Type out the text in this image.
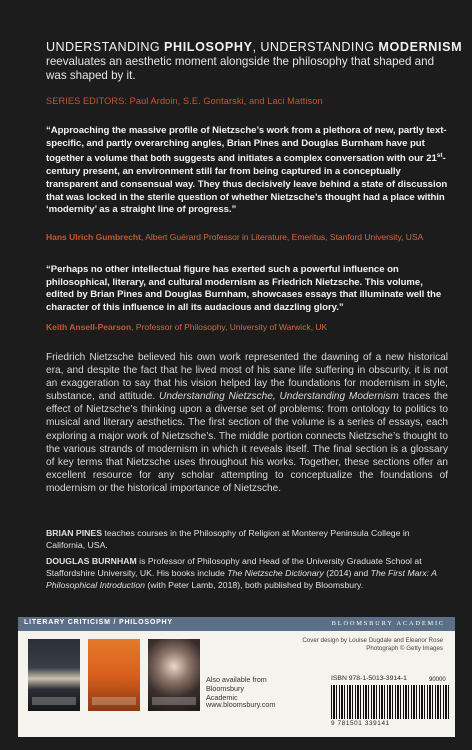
UNDERSTANDING PHILOSOPHY, UNDERSTANDING MODERNISM
reevaluates an aesthetic moment alongside the philosophy that shaped and was shaped by it.
SERIES EDITORS: Paul Ardoin, S.E. Gontarski, and Laci Mattison
“Approaching the massive profile of Nietzsche’s work from a plethora of new, partly text-specific, and partly overarching angles, Brian Pines and Douglas Burnham have put together a volume that both suggests and initiates a complex conversation with our 21st-century present, an environment still far from being captured in a conceptually transparent and consensual way. They thus decisively leave behind a state of discussion that was locked in the sterile question of whether Nietzsche’s thought had a place within ‘modernity’ as a straight line of progress.”
Hans Ulrich Gumbrecht, Albert Guérard Professor in Literature, Emeritus, Stanford University, USA
“Perhaps no other intellectual figure has exerted such a powerful influence on philosophical, literary, and cultural modernism as Friedrich Nietzsche. This volume, edited by Brian Pines and Douglas Burnham, showcases essays that illuminate well the character of this influence in all its audacious and dazzling glory.”
Keith Ansell-Pearson, Professor of Philosophy, University of Warwick, UK
Friedrich Nietzsche believed his own work represented the dawning of a new historical era, and despite the fact that he lived most of his sane life suffering in obscurity, it is not an exaggeration to say that his vision helped lay the foundations for modernism in style, substance, and attitude. Understanding Nietzsche, Understanding Modernism traces the effect of Nietzsche’s thinking upon a diverse set of problems: from ontology to politics to musical and literary aesthetics. The first section of the volume is a series of essays, each exploring a major work of Nietzsche’s. The middle portion connects Nietzsche’s thought to the various strands of modernism in which it reveals itself. The final section is a glossary of key terms that Nietzsche uses throughout his works. Together, these sections offer an excellent resource for any scholar attempting to conceptualize the foundations of modernism or the historical importance of Nietzsche.
BRIAN PINES teaches courses in the Philosophy of Religion at Monterey Peninsula College in California, USA.
DOUGLAS BURNHAM is Professor of Philosophy and Head of the University Graduate School at Staffordshire University, UK. His books include The Nietzsche Dictionary (2014) and The First Marx: A Philosophical Introduction (with Peter Lamb, 2018), both published by Bloomsbury.
LITERARY CRITICISM / PHILOSOPHY	BLOOMSBURY ACADEMIC
Also available from Bloomsbury Academic
www.bloomsbury.com
Cover design by Louise Dugdale and Eleanor Rose
Photograph © Getty Images
ISBN 978-1-5013-3914-1	90000
9 781501 339141
